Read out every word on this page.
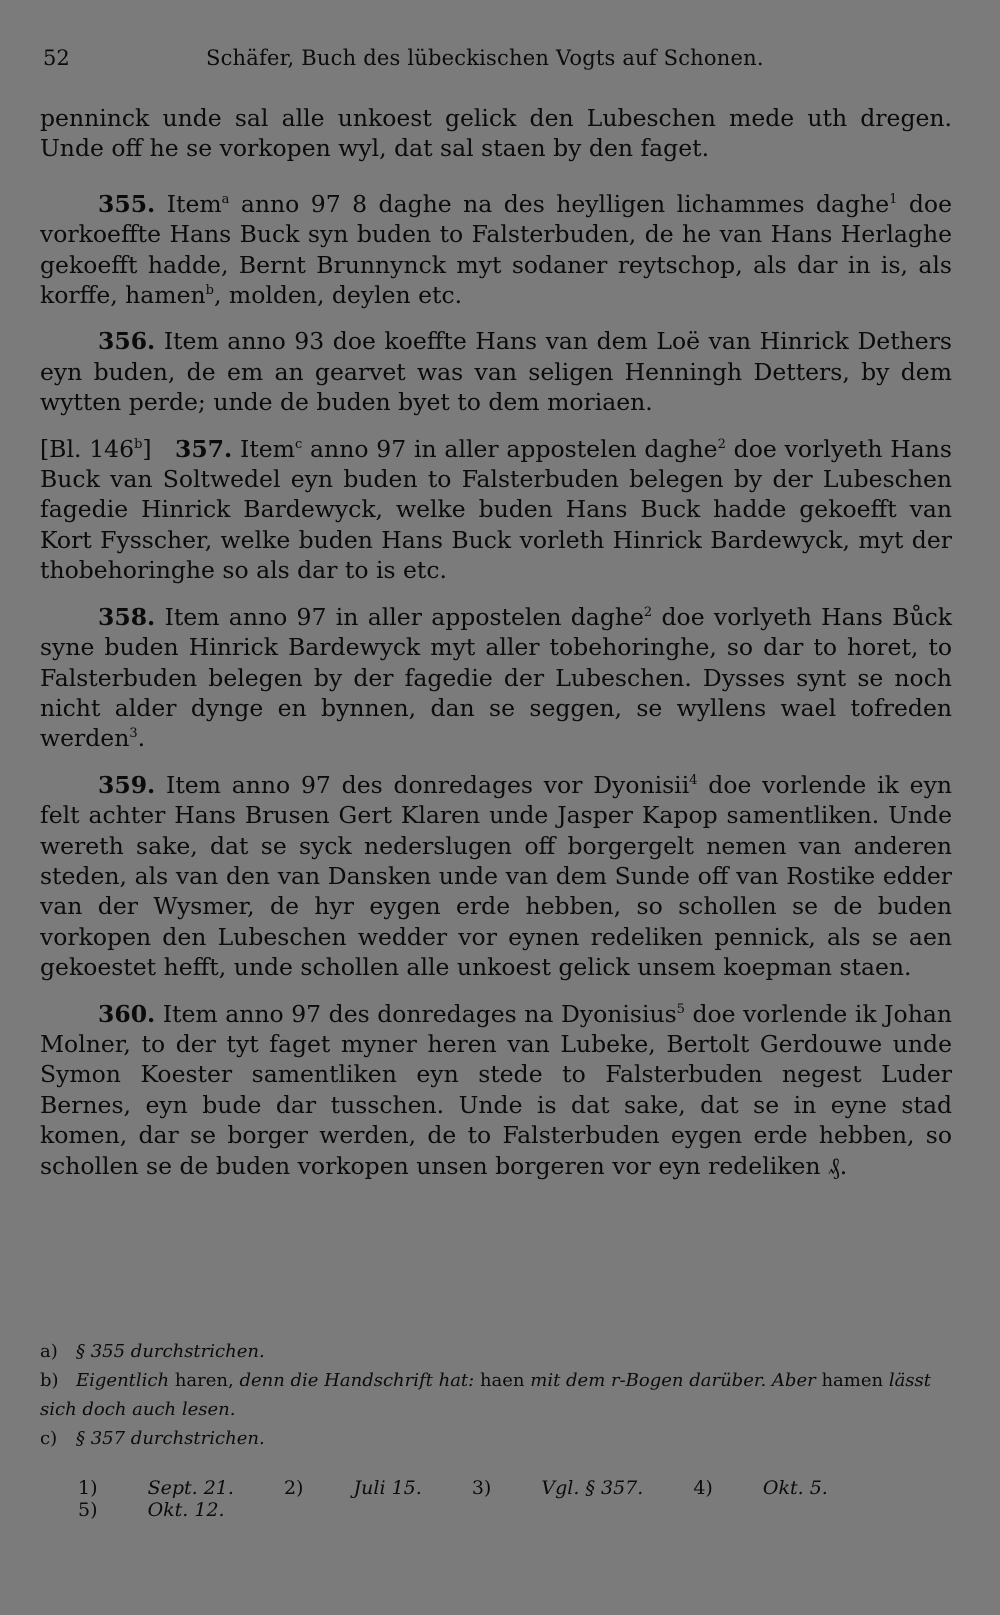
52	Schäfer, Buch des lübeckischen Vogts auf Schonen.

penninck unde sal alle unkoest gelick den Lubeschen mede uth dregen. Unde off he se vorkopen wyl, dat sal staen by den faget.

355. Item$^a$ anno 97 8 daghe na des heylligen lichammes daghe$^1$ doe vorkoeffte Hans Buck syn buden to Falsterbuden, de he van Hans Herlaghe gekoefft hadde, Bernt Brunnynck myt sodaner reytschop, als dar in is, als korffe, hamen$^b$, molden, deylen etc.

356. Item anno 93 doe koeffte Hans van dem Loë van Hinrick Dethers eyn buden, de em an gearvet was van seligen Henningh Detters, by dem wytten perde; unde de buden byet to dem moriaen.

[Bl. 146$^b$] 357. Item$^c$ anno 97 in aller appostelen daghe$^2$ doe vorlyeth Hans Buck van Soltwedel eyn buden to Falsterbuden belegen by der Lubeschen fagedie Hinrick Bardewyck, welke buden Hans Buck hadde gekoefft van Kort Fysscher, welke buden Hans Buck vorleth Hinrick Bardewyck, myt der thobehoringhe so als dar to is etc.

358. Item anno 97 in aller appostelen daghe$^2$ doe vorlyeth Hans Bůck syne buden Hinrick Bardewyck myt aller tobehoringhe, so dar to horet, to Falsterbuden belegen by der fagedie der Lubeschen. Dysses synt se noch nicht alder dynge en bynnen, dan se seggen, se wyllens wael tofreden werden$^3$.

359. Item anno 97 des donredages vor Dyonisii$^4$ doe vorlende ik eyn felt achter Hans Brusen Gert Klaren unde Jasper Kapop samentliken. Unde wereth sake, dat se syck nederslugen off borgergelt nemen van anderen steden, als van den van Dansken unde van dem Sunde off van Rostike edder van der Wysmer, de hyr eygen erde hebben, so schollen se de buden vorkopen den Lubeschen wedder vor eynen redeliken pennick, als se aen gekoestet hefft, unde schollen alle unkoest gelick unsem koepman staen.

360. Item anno 97 des donredages na Dyonisius$^5$ doe vorlende ik Johan Molner, to der tyt faget myner heren van Lubeke, Bertolt Gerdouwe unde Symon Koester samentliken eyn stede to Falsterbuden negest Luder Bernes, eyn bude dar tusschen. Unde is dat sake, dat se in eyne stad komen, dar se borger werden, de to Falsterbuden eygen erde hebben, so schollen se de buden vorkopen unsen borgeren vor eyn redeliken ₰.

a) § 355 durchstrichen.

b) Eigentlich haren, denn die Handschrift hat: haen mit dem r-Bogen darüber. Aber hamen lässt sich doch auch lesen.

c) § 357 durchstrichen.

1)	Sept. 21.	2)	Juli 15.	3)	Vgl. § 357.	4)	Okt. 5. 5)	Okt. 12.
